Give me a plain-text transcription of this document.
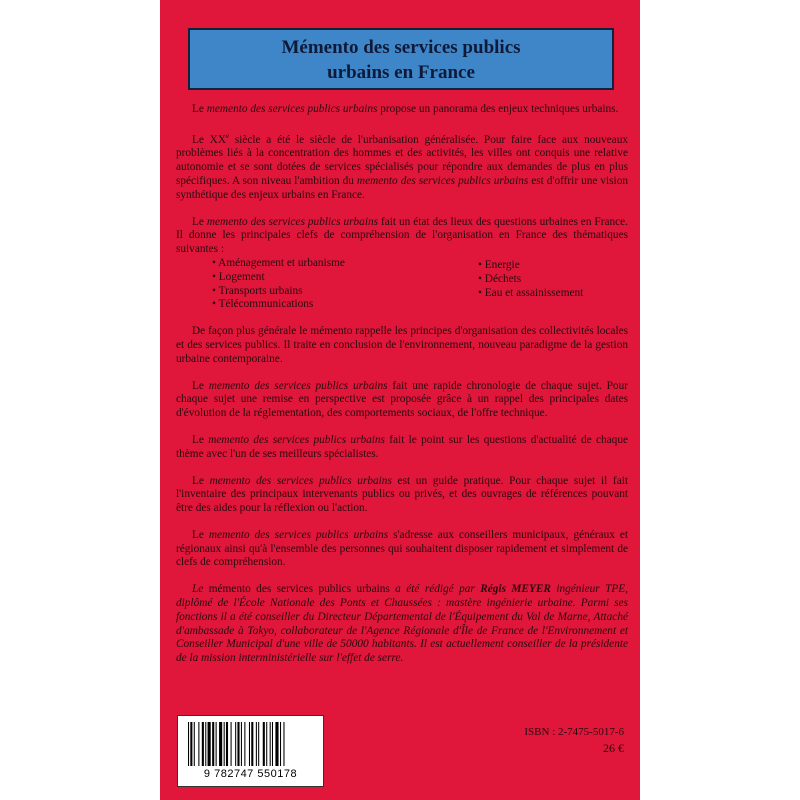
Mémento des services publics
urbains en France

Le memento des services publics urbains propose un panorama des enjeux techniques urbains.

Le XXe siècle a été le siècle de l'urbanisation généralisée. Pour faire face aux nouveaux problèmes liés à la concentration des hommes et des activités, les villes ont conquis une relative autonomie et se sont dotées de services spécialisés pour répondre aux demandes de plus en plus spécifiques. A son niveau l'ambition du memento des services publics urbains est d'offrir une vision synthétique des enjeux urbains en France.

Le memento des services publics urbains fait un état des lieux des questions urbaines en France. Il donne les principales clefs de compréhension de l'organisation en France des thématiques suivantes :

• Aménagement et urbanisme
• Logement
• Transports urbains
• Télécommunications
• Energie
• Déchets
• Eau et assainissement

De façon plus générale le mémento rappelle les principes d'organisation des collectivités locales et des services publics. Il traite en conclusion de l'environnement, nouveau paradigme de la gestion urbaine contemporaine.

Le memento des services publics urbains fait une rapide chronologie de chaque sujet. Pour chaque sujet une remise en perspective est proposée grâce à un rappel des principales dates d'évolution de la réglementation, des comportements sociaux, de l'offre technique.

Le memento des services publics urbains fait le point sur les questions d'actualité de chaque thème avec l'un de ses meilleurs spécialistes.

Le memento des services publics urbains est un guide pratique. Pour chaque sujet il fait l'inventaire des principaux intervenants publics ou privés, et des ouvrages de références pouvant être des aides pour la réflexion ou l'action.

Le memento des services publics urbains s'adresse aux conseillers municipaux, généraux et régionaux ainsi qu'à l'ensemble des personnes qui souhaitent disposer rapidement et simplement de clefs de compréhension.

Le mémento des services publics urbains a été rédigé par Régis MEYER ingénieur TPE, diplômé de l'École Nationale des Ponts et Chaussées : mastère ingénierie urbaine. Parmi ses fonctions il a été conseiller du Directeur Départemental de l'Équipement du Val de Marne, Attaché d'ambassade à Tokyo, collaborateur de l'Agence Régionale d'Île de France de l'Environnement et Conseiller Municipal d'une ville de 50000 habitants. Il est actuellement conseiller de la présidente de la mission interministérielle sur l'effet de serre.

9 782747 550178
ISBN : 2-7475-5017-6
26 €
